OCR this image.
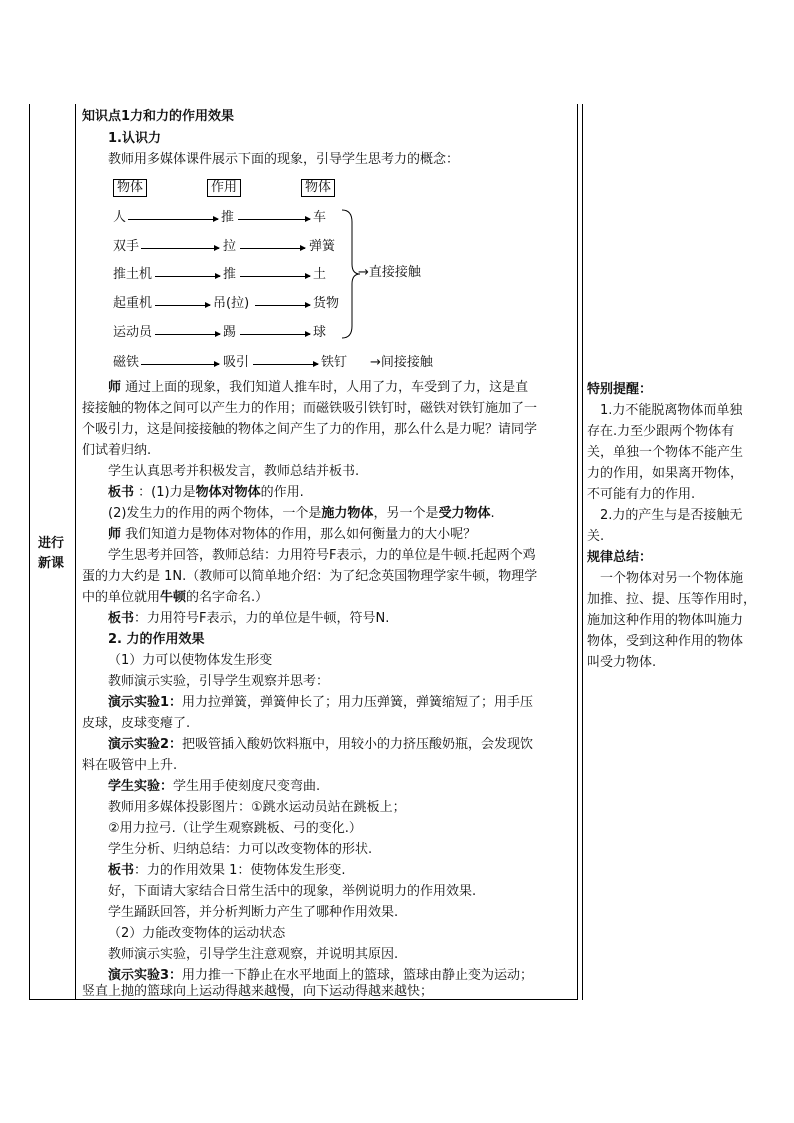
进行
新课
知识点1力和力的作用效果
1.认识力
教师用多媒体课件展示下面的现象，引导学生思考力的概念：
物体	作用	物体
人	推	车
双手	拉	弹簧
推土机	推	土
起重机	吊(拉)	货物
运动员	踢	球
→直接接触
磁铁	吸引	铁钉 →间接接触
师 通过上面的现象，我们知道人推车时，人用了力，车受到了力，这是直
接接触的物体之间可以产生力的作用；而磁铁吸引铁钉时，磁铁对铁钉施加了一
个吸引力，这是间接接触的物体之间产生了力的作用，那么什么是力呢？请同学
们试着归纳.
学生认真思考并积极发言，教师总结并板书.
板书 ：(1)力是物体对物体的作用.
(2)发生力的作用的两个物体，一个是施力物体，另一个是受力物体.
师 我们知道力是物体对物体的作用，那么如何衡量力的大小呢？
学生思考并回答，教师总结：力用符号F表示，力的单位是牛顿.托起两个鸡
蛋的力大约是 1N.（教师可以简单地介绍：为了纪念英国物理学家牛顿，物理学
中的单位就用牛顿的名字命名.）
板书：力用符号F表示，力的单位是牛顿，符号N.
2. 力的作用效果
（1）力可以使物体发生形变
教师演示实验，引导学生观察并思考：
演示实验1：用力拉弹簧，弹簧伸长了；用力压弹簧，弹簧缩短了；用手压
皮球，皮球变瘪了.
演示实验2：把吸管插入酸奶饮料瓶中，用较小的力挤压酸奶瓶，会发现饮
料在吸管中上升.
学生实验：学生用手使刻度尺变弯曲.
教师用多媒体投影图片：①跳水运动员站在跳板上；
②用力拉弓.（让学生观察跳板、弓的变化.）
学生分析、归纳总结：力可以改变物体的形状.
板书：力的作用效果 1：使物体发生形变.
好，下面请大家结合日常生活中的现象，举例说明力的作用效果.
学生踊跃回答，并分析判断力产生了哪种作用效果.
（2）力能改变物体的运动状态
教师演示实验，引导学生注意观察，并说明其原因.
演示实验3：用力推一下静止在水平地面上的篮球，篮球由静止变为运动；
竖直上抛的篮球向上运动得越来越慢，向下运动得越来越快；
特别提醒：
1.力不能脱离物体而单独
存在.力至少跟两个物体有
关，单独一个物体不能产生
力的作用，如果离开物体，
不可能有力的作用.
2.力的产生与是否接触无
关.
规律总结：
一个物体对另一个物体施
加推、拉、提、压等作用时，
施加这种作用的物体叫施力
物体，受到这种作用的物体
叫受力物体.
